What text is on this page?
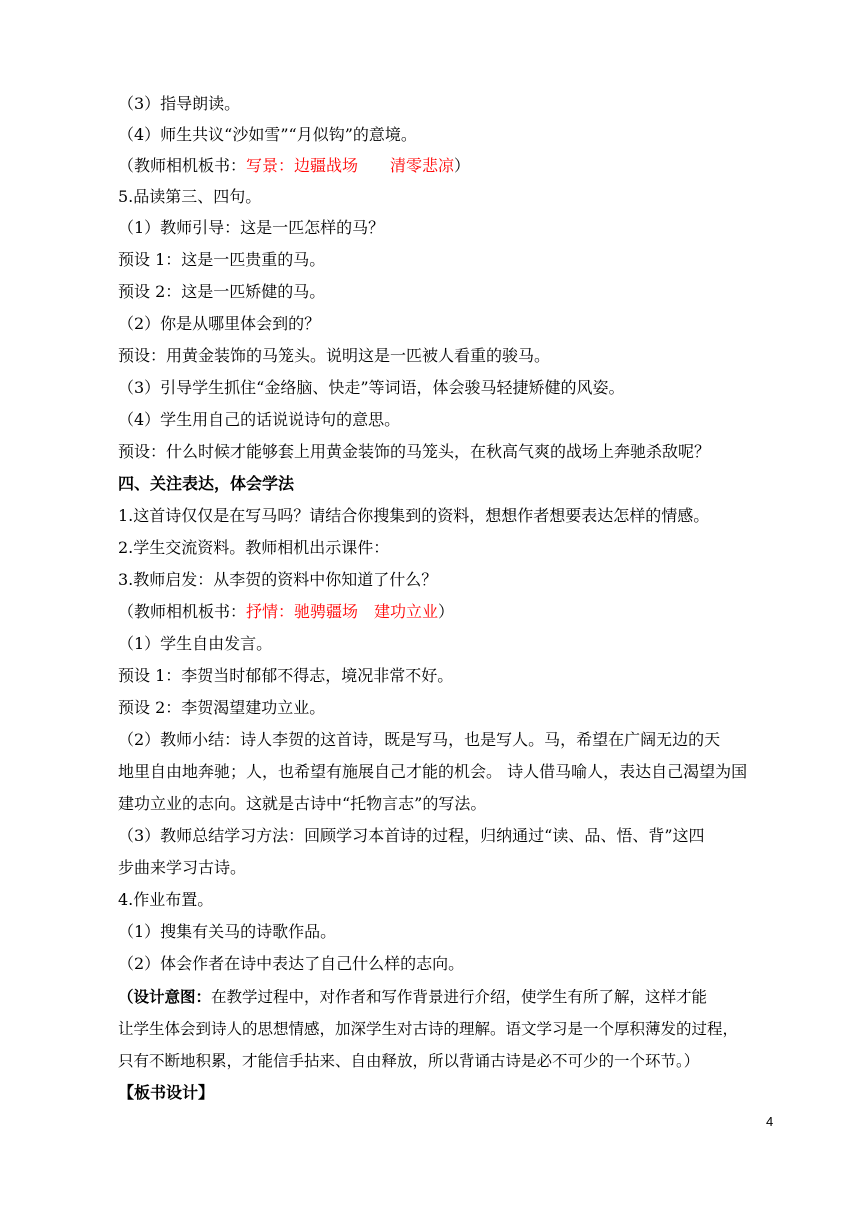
（3）指导朗读。
（4）师生共议“沙如雪”“月似钩”的意境。
（教师相机板书：写景：边疆战场　　清零悲凉）
5.品读第三、四句。
（1）教师引导：这是一匹怎样的马？
预设 1：这是一匹贵重的马。
预设 2：这是一匹矫健的马。
（2）你是从哪里体会到的？
预设：用黄金装饰的马笼头。说明这是一匹被人看重的骏马。
（3）引导学生抓住“金络脑、快走”等词语，体会骏马轻捷矫健的风姿。
（4）学生用自己的话说说诗句的意思。
预设：什么时候才能够套上用黄金装饰的马笼头，在秋高气爽的战场上奔驰杀敌呢？
四、关注表达，体会学法
1.这首诗仅仅是在写马吗？请结合你搜集到的资料，想想作者想要表达怎样的情感。
2.学生交流资料。教师相机出示课件：
3.教师启发：从李贺的资料中你知道了什么？
（教师相机板书：抒情：驰骋疆场　建功立业）
（1）学生自由发言。
预设 1：李贺当时郁郁不得志，境况非常不好。
预设 2：李贺渴望建功立业。
（2）教师小结：诗人李贺的这首诗，既是写马，也是写人。马，希望在广阔无边的天
地里自由地奔驰；人，也希望有施展自己才能的机会。 诗人借马喻人，表达自己渴望为国
建功立业的志向。这就是古诗中“托物言志”的写法。
（3）教师总结学习方法：回顾学习本首诗的过程，归纳通过“读、品、悟、背”这四
步曲来学习古诗。
4.作业布置。
（1）搜集有关马的诗歌作品。
（2）体会作者在诗中表达了自己什么样的志向。
（设计意图：在教学过程中，对作者和写作背景进行介绍，使学生有所了解，这样才能
让学生体会到诗人的思想情感，加深学生对古诗的理解。语文学习是一个厚积薄发的过程，
只有不断地积累，才能信手拈来、自由释放，所以背诵古诗是必不可少的一个环节。）
【板书设计】
4
